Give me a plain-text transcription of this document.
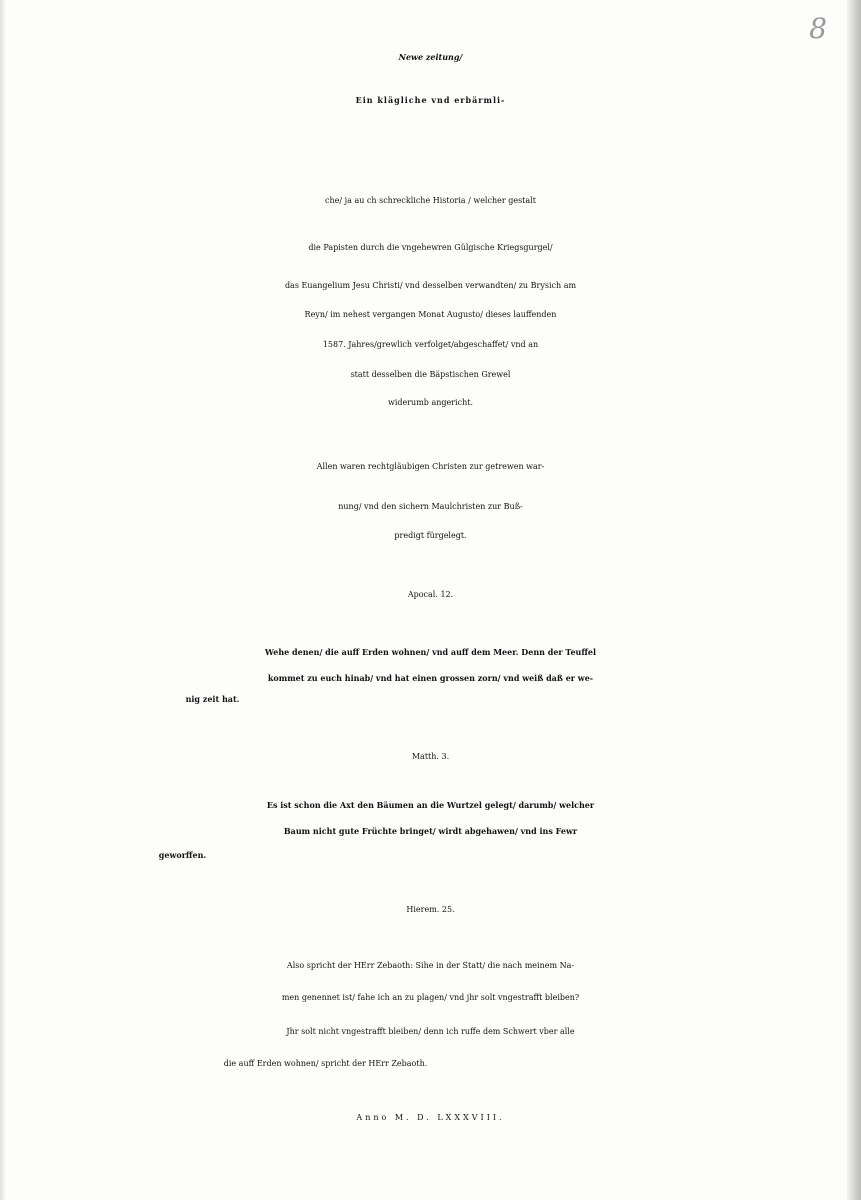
8
Newe zeitung/
Ein klägliche vnd erbärmli-
che/ ja au ch schreckliche Historia / welcher gestalt
die Papisten durch die vngehewren Gülgische Kriegsgurgel/
das Euangelium Jesu Christi/ vnd desselben verwandten/ zu Brysich am
Reyn/ im nehest vergangen Monat Augusto/ dieses lauffenden
1587. Jahres/grewlich verfolget/abgeschaffet/ vnd an
statt desselben die Bäpstischen Grewel
widerumb angericht.
Allen waren rechtgläubigen Christen zur getrewen war-
nung/ vnd den sichern Maulchristen zur Buß-
predigt fürgelegt.
Apocal. 12.
Wehe denen/ die auff Erden wohnen/ vnd auff dem Meer. Denn der Teuffel
kommet zu euch hinab/ vnd hat einen grossen zorn/ vnd weiß daß er we-
nig zeit hat.
Matth. 3.
Es ist schon die Axt den Bäumen an die Wurtzel gelegt/ darumb/ welcher
Baum nicht gute Früchte bringet/ wirdt abgehawen/ vnd ins Fewr
geworffen.
Hierem. 25.
Also spricht der HErr Zebaoth: Sihe in der Statt/ die nach meinem Na-
men genennet ist/ fahe ich an zu plagen/ vnd jhr solt vngestrafft bleiben?
Jhr solt nicht vngestrafft bleiben/ denn ich ruffe dem Schwert vber alle
die auff Erden wohnen/ spricht der HErr Zebaoth.
Anno M. D. LXXXVIII.
